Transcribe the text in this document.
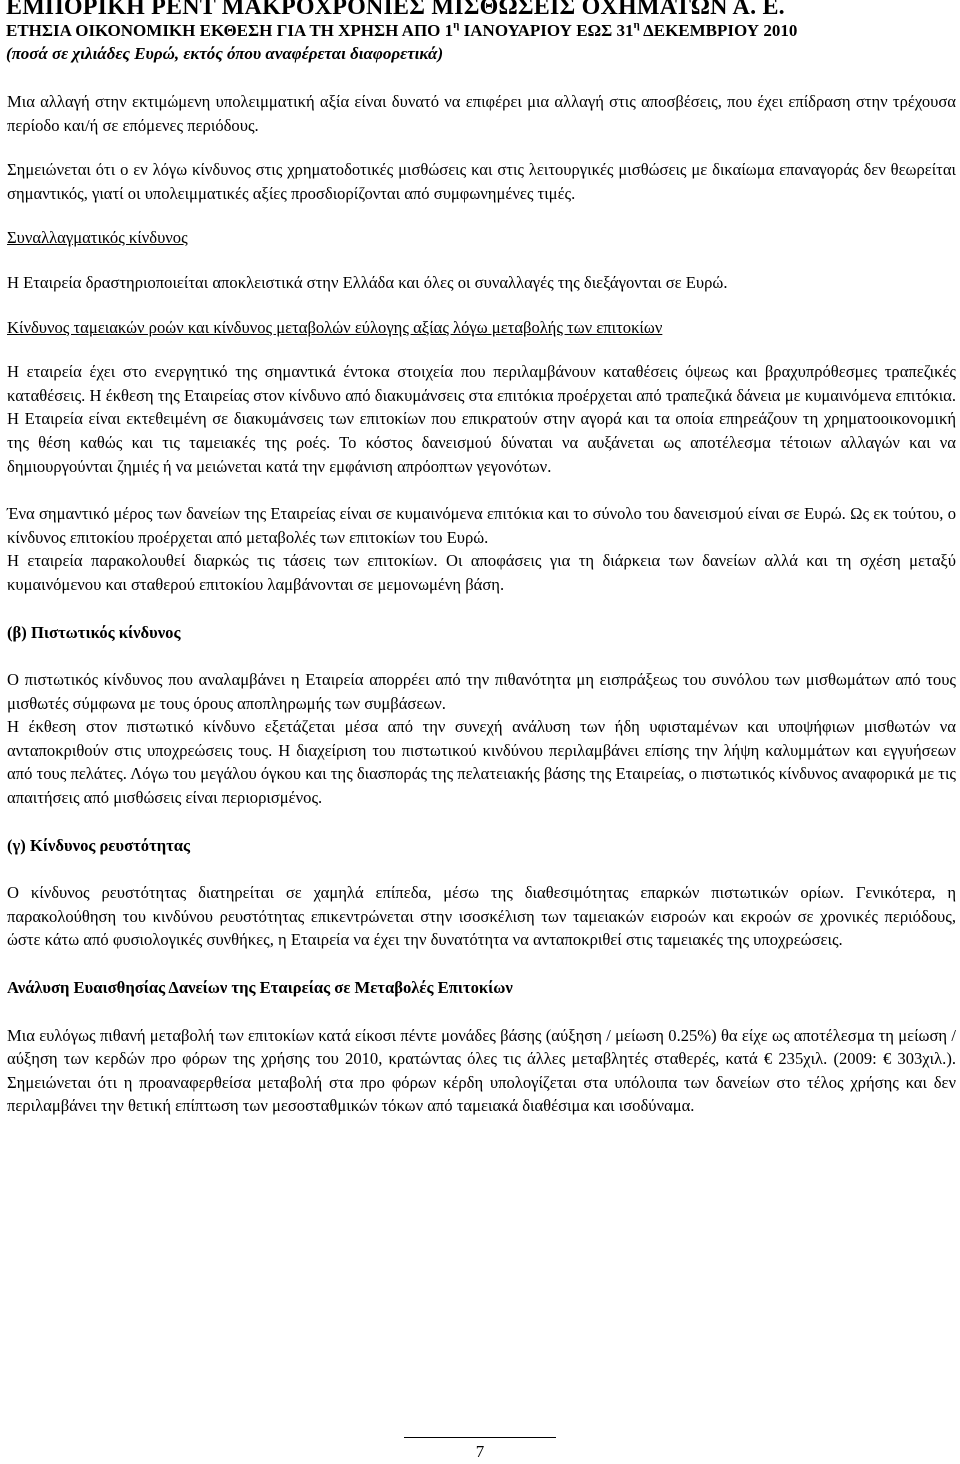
ΕΜΠΟΡΙΚΗ ΡΕΝΤ ΜΑΚΡΟΧΡΟΝΙΕΣ ΜΙΣΘΩΣΕΙΣ ΟΧΗΜΑΤΩΝ Α. Ε.
ΕΤΗΣΙΑ ΟΙΚΟΝΟΜΙΚΗ ΕΚΘΕΣΗ ΓΙΑ ΤΗ ΧΡΗΣΗ ΑΠΟ $1^\eta$ ΙΑΝΟΥΑΡΙΟΥ ΕΩΣ $31^\eta$ ΔΕΚΕΜΒΡΙΟΥ 2010
(ποσά σε χιλιάδες Ευρώ, εκτός όπου αναφέρεται διαφορετικά)

Μια αλλαγή στην εκτιμώμενη υπολειμματική αξία είναι δυνατό να επιφέρει μια αλλαγή στις αποσβέσεις, που έχει επίδραση στην τρέχουσα περίοδο και/ή σε επόμενες περιόδους.

Σημειώνεται ότι ο εν λόγω κίνδυνος στις χρηματοδοτικές μισθώσεις και στις λειτουργικές μισθώσεις με δικαίωμα επαναγοράς δεν θεωρείται σημαντικός, γιατί οι υπολειμματικές αξίες προσδιορίζονται από συμφωνημένες τιμές.

Συναλλαγματικός κίνδυνος

Η Εταιρεία δραστηριοποιείται αποκλειστικά στην Ελλάδα και όλες οι συναλλαγές της διεξάγονται σε Ευρώ.

Κίνδυνος ταμειακών ροών και κίνδυνος μεταβολών εύλογης αξίας λόγω μεταβολής των επιτοκίων

Η εταιρεία έχει στο ενεργητικό της σημαντικά έντοκα στοιχεία που περιλαμβάνουν καταθέσεις όψεως και βραχυπρόθεσμες τραπεζικές καταθέσεις. Η έκθεση της Εταιρείας στον κίνδυνο από διακυμάνσεις στα επιτόκια προέρχεται από τραπεζικά δάνεια με κυμαινόμενα επιτόκια. Η Εταιρεία είναι εκτεθειμένη σε διακυμάνσεις των επιτοκίων που επικρατούν στην αγορά και τα οποία επηρεάζουν τη χρηματοοικονομική της θέση καθώς και τις ταμειακές της ροές. Το κόστος δανεισμού δύναται να αυξάνεται ως αποτέλεσμα τέτοιων αλλαγών και να δημιουργούνται ζημιές ή να μειώνεται κατά την εμφάνιση απρόοπτων γεγονότων.

Ένα σημαντικό μέρος των δανείων της Εταιρείας είναι σε κυμαινόμενα επιτόκια και το σύνολο του δανεισμού είναι σε Ευρώ. Ως εκ τούτου, ο κίνδυνος επιτοκίου προέρχεται από μεταβολές των επιτοκίων του Ευρώ.

Η εταιρεία παρακολουθεί διαρκώς τις τάσεις των επιτοκίων. Οι αποφάσεις για τη διάρκεια των δανείων αλλά και τη σχέση μεταξύ κυμαινόμενου και σταθερού επιτοκίου λαμβάνονται σε μεμονωμένη βάση.

(β) Πιστωτικός κίνδυνος

Ο πιστωτικός κίνδυνος που αναλαμβάνει η Εταιρεία απορρέει από την πιθανότητα μη εισπράξεως του συνόλου των μισθωμάτων από τους μισθωτές σύμφωνα με τους όρους αποπληρωμής των συμβάσεων.

Η έκθεση στον πιστωτικό κίνδυνο εξετάζεται μέσα από την συνεχή ανάλυση των ήδη υφισταμένων και υποψήφιων μισθωτών να ανταποκριθούν στις υποχρεώσεις τους. Η διαχείριση του πιστωτικού κινδύνου περιλαμβάνει επίσης την λήψη καλυμμάτων και εγγυήσεων από τους πελάτες. Λόγω του μεγάλου όγκου και της διασποράς της πελατειακής βάσης της Εταιρείας, ο πιστωτικός κίνδυνος αναφορικά με τις απαιτήσεις από μισθώσεις είναι περιορισμένος.

(γ) Κίνδυνος ρευστότητας

Ο κίνδυνος ρευστότητας διατηρείται σε χαμηλά επίπεδα, μέσω της διαθεσιμότητας επαρκών πιστωτικών ορίων. Γενικότερα, η παρακολούθηση του κινδύνου ρευστότητας επικεντρώνεται στην ισοσκέλιση των ταμειακών εισροών και εκροών σε χρονικές περιόδους, ώστε κάτω από φυσιολογικές συνθήκες, η Εταιρεία να έχει την δυνατότητα να ανταποκριθεί στις ταμειακές της υποχρεώσεις.

Ανάλυση Ευαισθησίας Δανείων της Εταιρείας σε Μεταβολές Επιτοκίων

Μια ευλόγως πιθανή μεταβολή των επιτοκίων κατά είκοσι πέντε μονάδες βάσης (αύξηση / μείωση 0.25%) θα είχε ως αποτέλεσμα τη μείωση / αύξηση των κερδών προ φόρων της χρήσης του 2010, κρατώντας όλες τις άλλες μεταβλητές σταθερές, κατά € 235χιλ. (2009: € 303χιλ.). Σημειώνεται ότι η προαναφερθείσα μεταβολή στα προ φόρων κέρδη υπολογίζεται στα υπόλοιπα των δανείων στο τέλος χρήσης και δεν περιλαμβάνει την θετική επίπτωση των μεσοσταθμικών τόκων από ταμειακά διαθέσιμα και ισοδύναμα.

7
